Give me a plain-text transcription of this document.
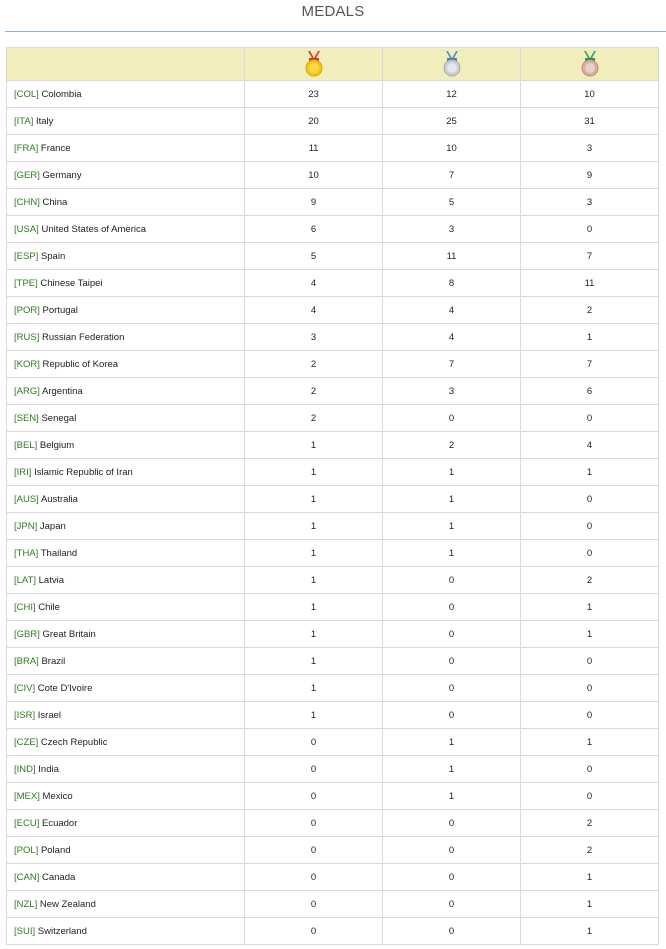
MEDALS

[COL] Colombia	23	12	10
[ITA] Italy	20	25	31
[FRA] France	11	10	3
[GER] Germany	10	7	9
[CHN] China	9	5	3
[USA] United States of America	6	3	0
[ESP] Spain	5	11	7
[TPE] Chinese Taipei	4	8	11
[POR] Portugal	4	4	2
[RUS] Russian Federation	3	4	1
[KOR] Republic of Korea	2	7	7
[ARG] Argentina	2	3	6
[SEN] Senegal	2	0	0
[BEL] Belgium	1	2	4
[IRI] Islamic Republic of Iran	1	1	1
[AUS] Australia	1	1	0
[JPN] Japan	1	1	0
[THA] Thailand	1	1	0
[LAT] Latvia	1	0	2
[CHI] Chile	1	0	1
[GBR] Great Britain	1	0	1
[BRA] Brazil	1	0	0
[CIV] Cote D'Ivoire	1	0	0
[ISR] Israel	1	0	0
[CZE] Czech Republic	0	1	1
[IND] India	0	1	0
[MEX] Mexico	0	1	0
[ECU] Ecuador	0	0	2
[POL] Poland	0	0	2
[CAN] Canada	0	0	1
[NZL] New Zealand	0	0	1
[SUI] Switzerland	0	0	1
